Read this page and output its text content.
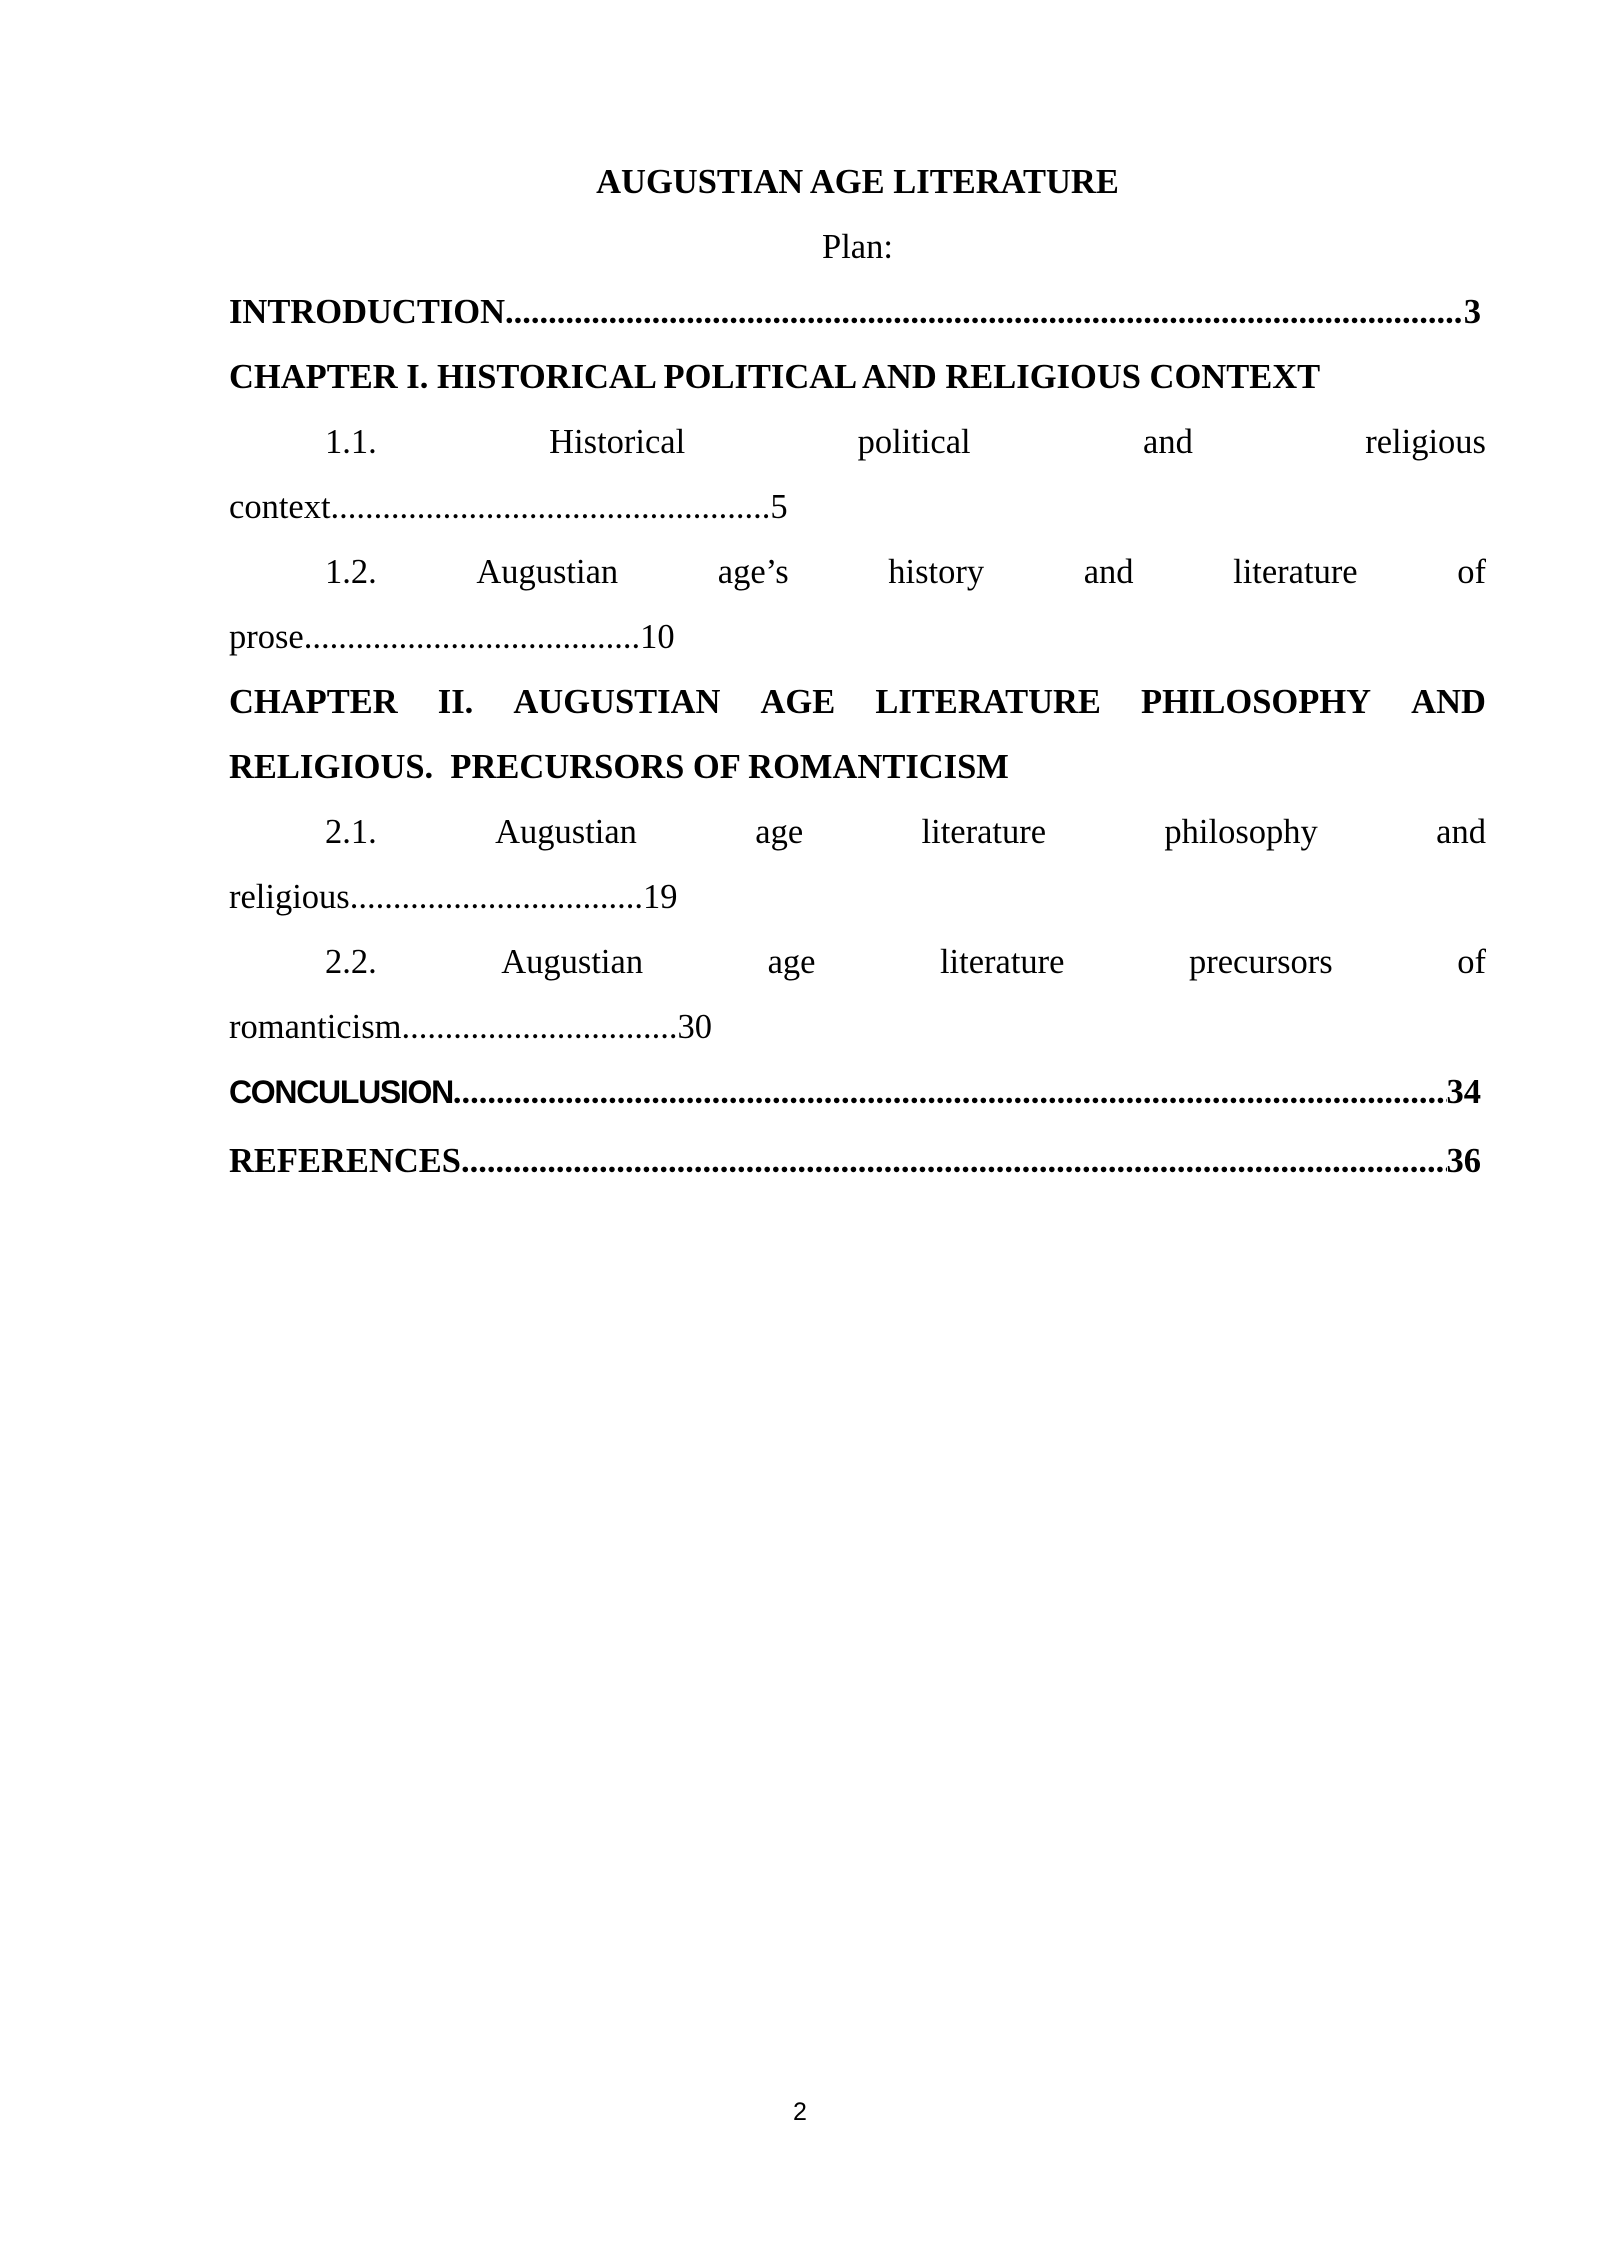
AUGUSTIAN AGE LITERATURE
Plan:
INTRODUCTION .....	3
CHAPTER I. HISTORICAL POLITICAL AND RELIGIOUS CONTEXT
1.1.	Historical	political	and	religious
context...................................................5
1.2.	Augustian	age’s	history	and	literature	of
prose.......................................10
CHAPTER II. AUGUSTIAN AGE LITERATURE PHILOSOPHY AND
RELIGIOUS.  PRECURSORS OF ROMANTICISM
2.1.	Augustian	age	literature	philosophy	and
religious..................................19
2.2.	Augustian	age	literature	precursors	of
romanticism................................30
CONCULUSION .....	34
REFERENCES .....	36
2
